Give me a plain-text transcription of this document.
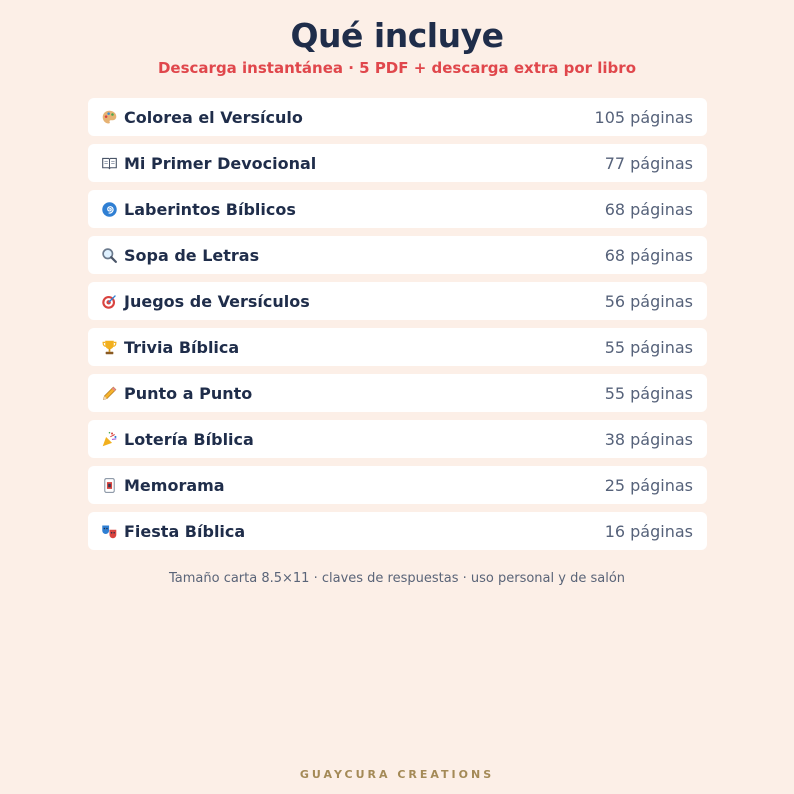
Qué incluye
Descarga instantánea · 5 PDF + descarga extra por libro
Colorea el Versículo	105 páginas
Mi Primer Devocional	77 páginas
Laberintos Bíblicos	68 páginas
Sopa de Letras	68 páginas
Juegos de Versículos	56 páginas
Trivia Bíblica	55 páginas
Punto a Punto	55 páginas
Lotería Bíblica	38 páginas
Memorama	25 páginas
Fiesta Bíblica	16 páginas
Tamaño carta 8.5×11 · claves de respuestas · uso personal y de salón
GUAYCURA CREATIONS
